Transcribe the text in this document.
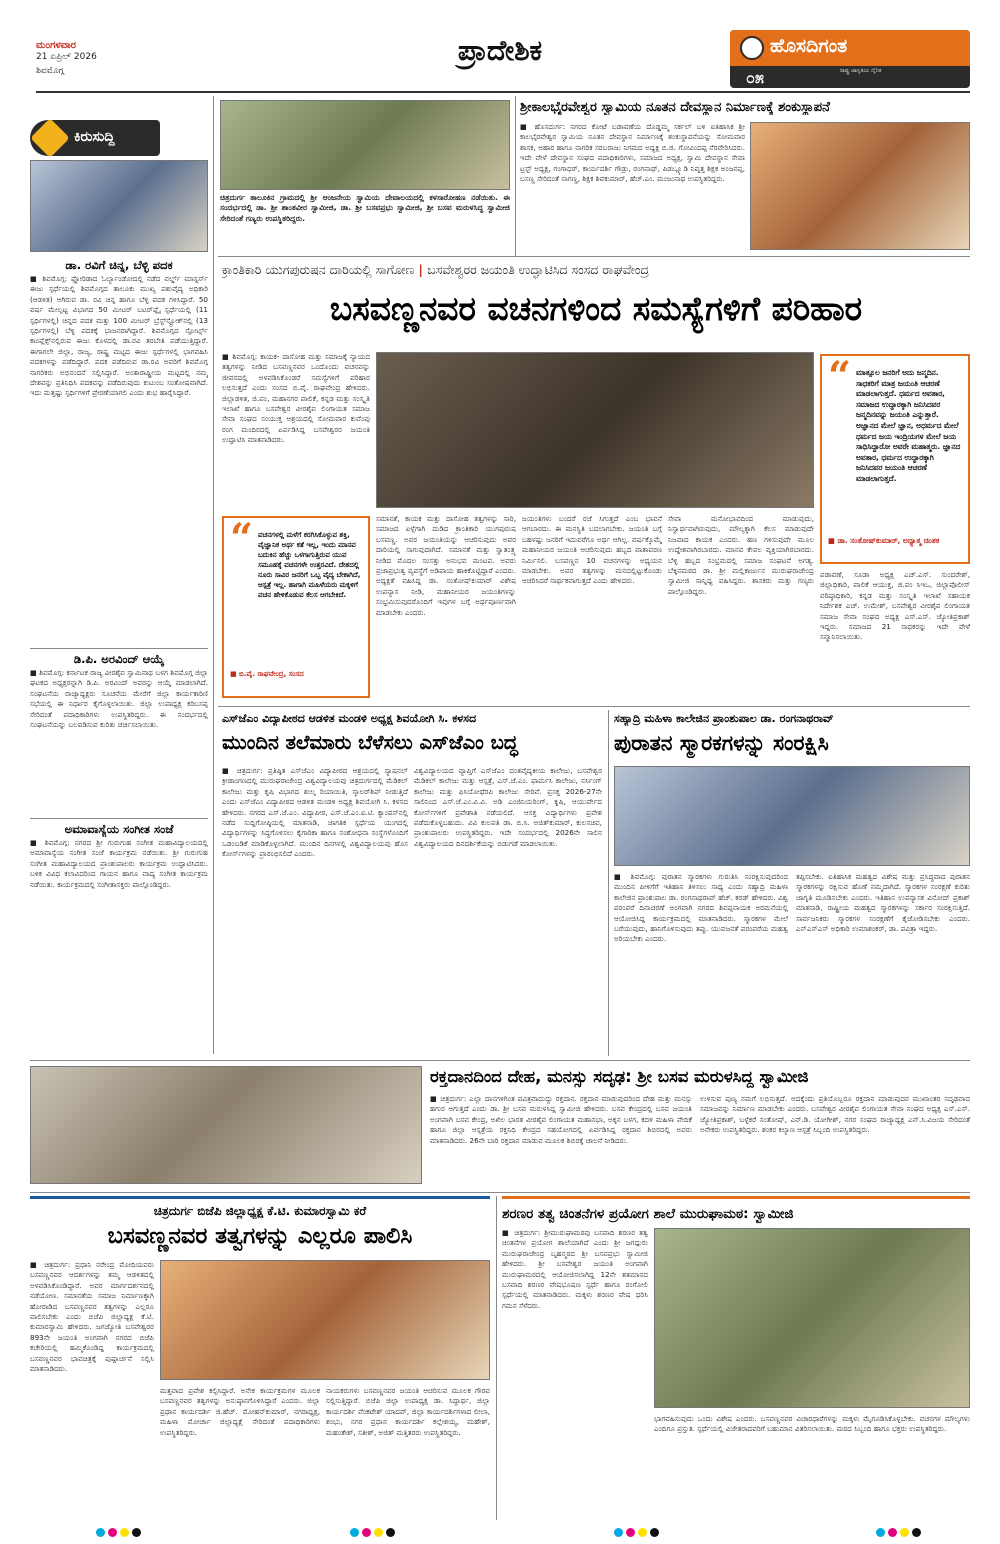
ಮಂಗಳವಾರ
21 ಏಪ್ರಿಲ್ 2026
ಶಿವಮೊಗ್ಗ
ಪ್ರಾದೇಶಿಕ	ಹೊಸದಿಗಂತ
ರಾಷ್ಟ್ರ ಜಾಗೃತಿಯ ದೈನಿಕ
೦೫
ಕಿರುಸುದ್ದಿ
ಡಾ. ರವಿಗೆ ಚಿನ್ನ, ಬೆಳ್ಳಿ ಪದಕ
■ ಶಿವಮೊಗ್ಗ: ಫ್ಲೋರಿಡಾದ ಓರ್ಲ್ಯಾಂಡೋದಲ್ಲಿ ನಡೆದ ವರ್ಲ್ಡ್ ಮಾಸ್ಟರ್ಸ್ ಈಜು ಸ್ಪರ್ಧೆಯಲ್ಲಿ ಶಿವಮೊಗ್ಗದ ತಾಲೂಕು ಮುಖ್ಯ ಪಶುವೈದ್ಯ ಅಧಿಕಾರಿ (ಆಡಳಿತ) ಆಗಿರುವ ಡಾ. ರವಿ ಚಿನ್ನ ಹಾಗೂ ಬೆಳ್ಳಿ ಪದಕ ಗಳಿಸಿದ್ದಾರೆ. 50 ವರ್ಷ ಮೇಲ್ಪಟ್ಟ ವಿಭಾಗದ 50 ಮೀಟರ್ ಬಟರ್‌ಫ್ಲೈ ಸ್ಪರ್ಧೆಯಲ್ಲಿ (11 ಸ್ಪರ್ಧಿಗಳಲ್ಲಿ) ಚಿನ್ನದ ಪದಕ ಮತ್ತು 100 ಮೀಟರ್ ಬ್ರೆಸ್ಟ್‌ಸ್ಟ್ರೋಕ್‌ನಲ್ಲಿ (13 ಸ್ಪರ್ಧಿಗಳಲ್ಲಿ) ಬೆಳ್ಳಿ ಪದಕಕ್ಕೆ ಭಾಜನರಾಗಿದ್ದಾರೆ. ಶಿವಮೊಗ್ಗದ ಸ್ಪೋರ್ಟ್ಸ್ ಕಾಂಪ್ಲೆಕ್ಸ್‌ನಲ್ಲಿರುವ ಈಜು ಕೊಳದಲ್ಲಿ ಡಾ.ರವಿ ತರಬೇತಿ ಪಡೆಯುತ್ತಿದ್ದಾರೆ. ಈಗಾಗಲೇ ಜಿಲ್ಲಾ, ರಾಜ್ಯ, ರಾಷ್ಟ್ರ ಮಟ್ಟದ ಈಜು ಸ್ಪರ್ಧೆಗಳಲ್ಲಿ ಭಾಗವಹಿಸಿ ಪದಕಗಳನ್ನು ಪಡೆದಿದ್ದಾರೆ. ಪದಕ ಪಡೆದಿರುವ ಡಾ.ರವಿ ಅವರಿಗೆ ಶಿವಮೊಗ್ಗ ನಾಗರಿಕರು ಅಭಿನಂದನೆ ಸಲ್ಲಿಸಿದ್ದಾರೆ. ಅಂತಾರಾಷ್ಟ್ರೀಯ ಮಟ್ಟದಲ್ಲಿ ನಮ್ಮ ದೇಶವನ್ನು ಪ್ರತಿನಿಧಿಸಿ ಪದಕವನ್ನು ಪಡೆದಿರುವುದು ಕುಟುಂಬ ಸಂತೋಷವಾಗಿದೆ. ಇದು ಮತ್ತಷ್ಟು ಸ್ಪರ್ಧಿಗಳಿಗೆ ಪ್ರೇರಣೆಯಾಗಲಿ ಎಂದು ಶುಭ ಹಾರೈಸಿದ್ದಾರೆ.
ಡಿ.ಪಿ. ಅರವಿಂದ್ ಆಯ್ಕೆ
■ ಶಿವಮೊಗ್ಗ: ಕರ್ನಾಟಕ ರಾಜ್ಯ ವೀರಶೈವ ಸ್ವಾಮಿನಾಥ ಬಳಗ ಶಿವಮೊಗ್ಗ ಜಿಲ್ಲಾ ಘಟಕದ ಅಧ್ಯಕ್ಷರನ್ನಾಗಿ ಡಿ.ಪಿ. ಅರವಿಂದ್ ಅವರನ್ನು ಆಯ್ಕೆ ಮಾಡಲಾಗಿದೆ. ಸಂಘಟನೆಯ ರಾಜ್ಯಾಧ್ಯಕ್ಷರು ಸೂಚನೆಯ ಮೇರೆಗೆ ಜಿಲ್ಲಾ ಕಾರ್ಯಕಾರಿಣಿ ಸಭೆಯಲ್ಲಿ ಈ ನಿರ್ಧಾರ ಕೈಗೊಳ್ಳಲಾಯಿತು. ಜಿಲ್ಲಾ ಉಪಾಧ್ಯಕ್ಷ ಕರಿಬಸಪ್ಪ ಸೇರಿದಂತೆ ಪದಾಧಿಕಾರಿಗಳು ಉಪಸ್ಥಿತರಿದ್ದರು. ಈ ಸಂದರ್ಭದಲ್ಲಿ ಸಂಘಟನೆಯನ್ನು ಬಲಪಡಿಸುವ ಕುರಿತು ಚರ್ಚಿಸಲಾಯಿತು.
ಅಮಾವಾಸ್ಯೆಯ ಸಂಗೀತ ಸಂಜೆ
■ ಶಿವಮೊಗ್ಗ: ನಗರದ ಶ್ರೀ ಗುರುಗುಹ ಸಂಗೀತ ಮಹಾವಿದ್ಯಾಲಯದಲ್ಲಿ ಅಮಾವಾಸ್ಯೆಯ ಸಂಗೀತ ಸಂಜೆ ಕಾರ್ಯಕ್ರಮ ನಡೆಯಿತು. ಶ್ರೀ ಗುರುಗುಹ ಸಂಗೀತ ಮಹಾವಿದ್ಯಾಲಯದ ಪ್ರಾಂಶುಪಾಲರು ಕಾರ್ಯಕ್ರಮ ಉದ್ಘಾಟಿಸಿದರು. ಬಳಿಕ ವಿವಿಧ ಕಲಾವಿದರಿಂದ ಗಾಯನ ಹಾಗೂ ವಾದ್ಯ ಸಂಗೀತ ಕಾರ್ಯಕ್ರಮ ನಡೆಯಿತು. ಕಾರ್ಯಕ್ರಮದಲ್ಲಿ ಸಂಗೀತಾಸಕ್ತರು ಪಾಲ್ಗೊಂಡಿದ್ದರು.
ಚಿತ್ರದುರ್ಗ ತಾಲೂಕಿನ ಗ್ರಾಮದಲ್ಲಿ ಶ್ರೀ ಆಂಜನೇಯ ಸ್ವಾಮಿಯ ದೇವಾಲಯದಲ್ಲಿ ಕಳಸಾರೋಹಣ ನಡೆಯಿತು. ಈ ಸಂದರ್ಭದಲ್ಲಿ ಡಾ. ಶ್ರೀ ಶಾಂತವೀರ ಸ್ವಾಮೀಜಿ, ಡಾ. ಶ್ರೀ ಬಸವಪ್ರಭು ಸ್ವಾಮೀಜಿ, ಶ್ರೀ ಬಸವ ಮರುಳಸಿದ್ಧ ಸ್ವಾಮೀಜಿ ಸೇರಿದಂತೆ ಗಣ್ಯರು ಉಪಸ್ಥಿತರಿದ್ದರು.
ಶ್ರೀಕಾಲಭೈರವೇಶ್ವರ ಸ್ವಾಮಿಯ ನೂತನ ದೇವಸ್ಥಾನ ನಿರ್ಮಾಣಕ್ಕೆ ಶಂಕುಸ್ಥಾಪನೆ
■ ಹೊಸದುರ್ಗ: ನಗರದ ಕೋಟೆ ಬಡಾವಣೆಯ ದೊಡ್ಡಮ್ಮ ಸರ್ಕಲ್ ಬಳಿ ಐತಿಹಾಸಿಕ ಶ್ರೀ ಕಾಲಭೈರವೇಶ್ವರ ಸ್ವಾಮಿಯ ನೂತನ ದೇವಸ್ಥಾನ ನಿರ್ಮಾಣಕ್ಕೆ ಶಂಕುಸ್ಥಾಪನೆಯನ್ನು ಸೋಮವಾರ ಶಾಸಕ, ಆಹಾರ ಹಾಗೂ ನಾಗರಿಕ ಸರಬರಾಜು ನಿಗಮದ ಅಧ್ಯಕ್ಷ ಬಿ.ಜಿ. ಗೋವಿಂದಪ್ಪ ನೆರವೇರಿಸಿದರು. ಇದೇ ವೇಳೆ ದೇವಸ್ಥಾನ ಸಂಘದ ಪದಾಧಿಕಾರಿಗಳು, ಸಮಾಜದ ಅಧ್ಯಕ್ಷ, ಸ್ವಾಮಿ ದೇವಸ್ಥಾನ ಸೇವಾ ಟ್ರಸ್ಟ್ ಅಧ್ಯಕ್ಷ, ಗಂಗಾಧರ್, ಕಾರ್ಯದರ್ಶಿ ಗೌಡ್ರು, ರಂಗನಾಥ್, ಪಿಡಬ್ಲ್ಯೂಡಿ ನಿವೃತ್ತ ಶಿಕ್ಷಕ ಅಂಜನಪ್ಪ, ಬಸಣ್ಣ ಸೇರಿದಂತೆ ನಾಗಣ್ಣ, ಶಿಕ್ಷಕ ಶಿವಕುಮಾರ್, ಹೆಚ್.ಎಂ. ಮಂಜುನಾಥ ಉಪಸ್ಥಿತರಿದ್ದರು.
ಕ್ರಾಂತಿಕಾರಿ ಯುಗಪುರುಷನ ದಾರಿಯಲ್ಲಿ ಸಾಗೋಣ | ಬಸವೇಶ್ವರರ ಜಯಂತಿ ಉದ್ಘಾಟಿಸಿದ ಸಂಸದ ರಾಘವೇಂದ್ರ
ಬಸವಣ್ಣನವರ ವಚನಗಳಿಂದ ಸಮಸ್ಯೆಗಳಿಗೆ ಪರಿಹಾರ
■ ಶಿವಮೊಗ್ಗ: ಕಾಯಕ- ದಾಸೋಹ ಮತ್ತು ಸಮಾಜಕ್ಕೆ ನ್ಯಾಯದ ತತ್ವಗಳನ್ನು ನೀಡಿದ ಬಸವಣ್ಣನವರ ಒಂದೊಂದು ವಚನವನ್ನು ಜೀವನದಲ್ಲಿ ಅಳವಡಿಸಿಕೊಂಡರೆ ಸಮಸ್ಯೆಗಳಿಗೆ ಪರಿಹಾರ ಲಭಿಸುತ್ತದೆ ಎಂದು ಸಂಸದ ಬಿ.ವೈ. ರಾಘವೇಂದ್ರ ಹೇಳಿದರು. ಜಿಲ್ಲಾಡಳಿತ, ಜಿ.ಪಂ, ಮಹಾನಗರ ಪಾಲಿಕೆ, ಕನ್ನಡ ಮತ್ತು ಸಂಸ್ಕೃತಿ ಇಲಾಖೆ ಹಾಗೂ ಬಸವೇಶ್ವರ ವೀರಶೈವ ಲಿಂಗಾಯತ ಸಮಾಜ ಸೇವಾ ಸಂಘದ ಸಂಯುಕ್ತ ಆಶ್ರಯದಲ್ಲಿ ಸೋಮವಾರ ಕುವೆಂಪು ರಂಗ ಮಂದಿರದಲ್ಲಿ ಏರ್ಪಡಿಸಿದ್ದ ಬಸವೇಶ್ವರರ ಜಯಂತಿ ಉದ್ಘಾಟಿಸಿ ಮಾತನಾಡಿದರು.
“ ಮಾತ್ಸೂಲ ಜನರಿಗೆ ಅದು ಜನ್ಮದಿನ. ಸಾಧಕರಿಗೆ ಮಾತ್ರ ಜಯಂತಿ ಆಚರಣೆ ಮಾಡಲಾಗುತ್ತದೆ. ಧರ್ಮದ ಅವತಾರ, ಸಮಾಜದ ಉದ್ಧಾರಕ್ಕಾಗಿ ಜನಿಸಿದವರ ಜನ್ಮದಿನವನ್ನು ಜಯಂತಿ ಎನ್ನುತ್ತಾರೆ. ಅಜ್ಞಾನದ ಮೇಲೆ ಜ್ಞಾನ, ಅಧರ್ಮದ ಮೇಲೆ ಧರ್ಮದ ಜಯ ಇಂದ್ರಿಯಗಳ ಮೇಲೆ ಜಯ ಸಾಧಿಸಿದ್ದಾರೋ ಅವರೇ ಮಹಾತ್ಮರು. ಜ್ಞಾನದ ಅವತಾರ, ಧರ್ಮದ ಉದ್ಧಾರಕ್ಕಾಗಿ ಜನಿಸಿದವರ ಜಯಂತಿ ಆಚರಣೆ ಮಾಡಲಾಗುತ್ತದೆ.
■ ಡಾ. ಸಂತೋಷ್‌ಕುಮಾರ್, ಅಧ್ಯಾತ್ಮ ಚಿಂತಕ
“ ವಚನಗಳಲ್ಲಿ ಮಳೆಗೆ ಕರಗಿಸಿಕೊಳ್ಳುವ ಶಕ್ತಿ, ವೈಜ್ಞಾನಿಕ ಅರ್ಥ ಕತೆ ಇಲ್ಲ, ಇಂದು ಮಾನವ ಬದುಕಿನ ಹೆಚ್ಚು ಒಳಗಾಗುತ್ತಿರುವ ಯುವ ಸಮೂಹಕ್ಕೆ ವಚನಗಳೇ ಉತ್ತರವಿದೆ. ದೇಶದಲ್ಲಿ ನೂರು ಸಾವಿರ ಜನರಿಗೆ ಒಬ್ಬ ವೈದ್ಯ ಬೇಕಾಗಿದೆ, ಆಸ್ಪತ್ರೆ ಇಲ್ಲ. ಹಾಗಾಗಿ ಮಹಿಳೆಯರು ಮಕ್ಕಳಿಗೆ ವಚನ ಹೇಳಿಕೊಡುವ ಕೆಲಸ ಆಗಬೇಕಿದೆ.
■ ಬಿ.ವೈ. ರಾಘವೇಂದ್ರ, ಸಂಸದ
ಸಮಾನತೆ, ಕಾಯಕ ಮತ್ತು ದಾಸೋಹ ತತ್ವಗಳನ್ನು ಸಾರಿ, ಸಮಾಜದ ಏಳ್ಗೆಗಾಗಿ ದುಡಿದ ಕ್ರಾಂತಿಕಾರಿ ಯುಗಪುರುಷ ಬಸವಣ್ಣ. ಅವರ ಜಯಂತಿಯನ್ನು ಆಚರಿಸುವುದು ಅವರ ದಾರಿಯಲ್ಲಿ ಸಾಗುವುದಾಗಿದೆ. ಸಮಾನತೆ ಮತ್ತು ಸ್ವಾತಂತ್ರ್ಯ ನೀಡಿದ ಮೊದಲ ಸಂಸತ್ತು ಅನುಭವ ಮಂಟಪ. ಅವರು ಪ್ರಜಾಪ್ರಭುತ್ವ ವ್ಯವಸ್ಥೆಗೆ ಅಡಿಪಾಯ ಹಾಕಿಕೊಟ್ಟಿದ್ದಾರೆ ಎಂದರು. ಅಧ್ಯಕ್ಷತೆ ವಹಿಸಿದ್ದ ಡಾ. ಸಂತೋಷ್‌ಕುಮಾರ್ ವಿಶೇಷ ಉಪನ್ಯಾಸ ನೀಡಿ, ಮಹಾನೀಯರ ಜಯಂತಿಗಳನ್ನು ಸಂಭ್ರಮಿಸುವುದರೊಂದಿಗೆ ಇವುಗಳ ಬಗ್ಗೆ ಅರ್ಥಪೂರ್ಣವಾಗಿ ಮಾಡಬೇಕು ಎಂದರು.
ಜಯಂತಿಗಳು ಬಂದರೆ ರಜೆ ಸಿಗುತ್ತದೆ ಎಂಬ ಭಾವನೆ ಆಗಬಾರದು. ಈ ಮನಸ್ಥಿತಿ ಬದಲಾಗಬೇಕು. ಜಯಂತಿ ಬಗ್ಗೆ ಬಹಳಷ್ಟು ಜನರಿಗೆ ಇದುವರೆಗೂ ಅರ್ಥ ಆಗಿಲ್ಲ. ವರ್ಷಕ್ಕೊಮ್ಮೆ ಮಹಾನೀಯರ ಜಯಂತಿ ಆಚರಿಸುವುದು ಹಬ್ಬದ ವಾತಾವರಣ ನಿರ್ಮಿಸಲಿ. ಬಸವಣ್ಣನ 10 ವಚನಗಳನ್ನು ಅಧ್ಯಯನ ಮಾಡಬೇಕು. ಅವರ ತತ್ವಗಳನ್ನು ಮನದಲ್ಲಿಟ್ಟುಕೊಂಡು ಆಚರಿಸಿದರೆ ಸಾರ್ಥಕವಾಗುತ್ತದೆ ಎಂದು ಹೇಳಿದರು.
ಸೇವಾ ಮನೋಭಾವದಿಂದ ಮಾಡುವುದು, ನಿಸ್ವಾರ್ಥವಾಗಿರುವುದು, ಮೌಲ್ಯಕ್ಕಾಗಿ ಕೆಲಸ ಮಾಡುವುದೇ ನಿಜವಾದ ಕಾಯಕ ಎಂದರು. ಹಣ ಗಳಿಸುವುದೇ ಮೂಲ ಉದ್ದೇಶವಾಗಿರಬಾರದು. ಮಾನವ ಕೇವಲ ವ್ಯಕ್ತಿಯಾಗಿರಬಾರದು. ಬೆಳ್ಳಿ ಹಬ್ಬದ ಸಂಭ್ರಮದಲ್ಲಿ ಸಮಾಜ ಸಂಘಟನೆ ಅಗತ್ಯ. ಬೆಕ್ಕಿನಮಠದ ಡಾ. ಶ್ರೀ ಮಲ್ಲಿಕಾರ್ಜುನ ಮುರುಘರಾಜೇಂದ್ರ ಸ್ವಾಮೀಜಿ ಸಾನ್ನಿಧ್ಯ ವಹಿಸಿದ್ದರು. ಶಾಸಕರು ಮತ್ತು ಗಣ್ಯರು ಪಾಲ್ಗೊಂಡಿದ್ದರು.
ಪಡಾವಣೆ, ಸೂಡಾ ಅಧ್ಯಕ್ಷ ಎಚ್.ಎಸ್. ಸುಂದರೇಶ್, ಜಿಲ್ಲಾಧಿಕಾರಿ, ಪಾಲಿಕೆ ಆಯುಕ್ತ, ಜಿ.ಪಂ ಸಿಇಒ, ಜಿಲ್ಲಾಪೊಲೀಸ್ ವರಿಷ್ಠಾಧಿಕಾರಿ, ಕನ್ನಡ ಮತ್ತು ಸಂಸ್ಕೃತಿ ಇಲಾಖೆ ಸಹಾಯಕ ನಿರ್ದೇಶಕ ಎಚ್. ಉಮೇಶ್, ಬಸವೇಶ್ವರ ವೀರಶೈವ ಲಿಂಗಾಯತ ಸಮಾಜ ಸೇವಾ ಸಂಘದ ಅಧ್ಯಕ್ಷ ಎಸ್.ಎಸ್. ಜ್ಯೋತಿಪ್ರಕಾಶ್ ಇದ್ದರು. ಸಮಾಜದ 21 ಸಾಧಕರನ್ನು ಇದೇ ವೇಳೆ ಸನ್ಮಾನಿಸಲಾಯಿತು.
ಎಸ್‌ಜೆಎಂ ವಿದ್ಯಾಪೀಠದ ಆಡಳಿತ ಮಂಡಳಿ ಅಧ್ಯಕ್ಷ ಶಿವಯೋಗಿ ಸಿ. ಕಳಸದ
ಮುಂದಿನ ತಲೆಮಾರು ಬೆಳೆಸಲು ಎಸ್‌ಜೆಎಂ ಬದ್ಧ
■ ಚಿತ್ರದುರ್ಗ: ಪ್ರತಿಷ್ಠಿತ ಎಸ್‌ಜೆಎಂ ವಿದ್ಯಾಪೀಠದ ಆಶ್ರಯದಲ್ಲಿ ನ್ಯಾಷನಲ್ ಕ್ರೀಡಾಂಗಣದಲ್ಲಿ ಮುರುಘರಾಜೇಂದ್ರ ವಿಶ್ವವಿದ್ಯಾಲಯವು ಚಿತ್ರದುರ್ಗದಲ್ಲಿ ಮೆಡಿಕಲ್ ಕಾಲೇಜು ಮತ್ತು ಕೃಷಿ ವಿಭಾಗದ ಶುಲ್ಕ ರಿಯಾಯಿತಿ, ಸ್ಕಾಲರ್‌ಶಿಪ್ ನೀಡುತ್ತಿದೆ ಎಂದು ಎಸ್‌ಜೆಎಂ ವಿದ್ಯಾಪೀಠದ ಆಡಳಿತ ಮಂಡಳಿ ಅಧ್ಯಕ್ಷ ಶಿವಯೋಗಿ ಸಿ. ಕಳಸದ ಹೇಳಿದರು. ನಗರದ ಎಸ್.ಜೆ.ಎಂ. ವಿದ್ಯಾಪೀಠ, ಎಸ್.ಜೆ.ಎಂ.ಐ.ಟಿ. ಕ್ಯಾಂಪಸ್‌ನಲ್ಲಿ ನಡೆದ ಸುದ್ದಿಗೋಷ್ಠಿಯಲ್ಲಿ ಮಾತನಾಡಿ, ಜಾಗತಿಕ ಸ್ಪರ್ಧೆಯ ಯುಗದಲ್ಲಿ ವಿದ್ಯಾರ್ಥಿಗಳನ್ನು ಸಿದ್ಧಗೊಳಿಸಲು ಕೈಗಾರಿಕಾ ಹಾಗೂ ಸಂಶೋಧನಾ ಸಂಸ್ಥೆಗಳೊಂದಿಗೆ ಒಡಂಬಡಿಕೆ ಮಾಡಿಕೊಳ್ಳಲಾಗಿದೆ. ಮುಂದಿನ ದಿನಗಳಲ್ಲಿ ವಿಶ್ವವಿದ್ಯಾಲಯವು ಹೊಸ ಕೋರ್ಸ್‌ಗಳನ್ನು ಪ್ರಾರಂಭಿಸಲಿದೆ ಎಂದರು.
ವಿಶ್ವವಿದ್ಯಾಲಯದ ವ್ಯಾಪ್ತಿಗೆ ಎಸ್‌ಜೆಎಂ ದಂತವೈದ್ಯಕೀಯ ಕಾಲೇಜು, ಬಸವೇಶ್ವರ ಮೆಡಿಕಲ್ ಕಾಲೇಜು ಮತ್ತು ಆಸ್ಪತ್ರೆ, ಎಸ್.ಜೆ.ಎಂ. ಫಾರ್ಮಸಿ ಕಾಲೇಜು, ನರ್ಸಿಂಗ್ ಕಾಲೇಜು ಮತ್ತು ಫಿಸಿಯೋಥೆರಪಿ ಕಾಲೇಜು ಸೇರಿವೆ. ಪ್ರಸಕ್ತ 2026-27ನೇ ಸಾಲಿನಿಂದ ಎಸ್.ಜೆ.ಎಂ.ವಿ.ವಿ. ಅಡಿ ಎಂಜಿನಿಯರಿಂಗ್, ಕೃಷಿ, ಆಯುರ್ವೇದ ಕೋರ್ಸ್‌ಗಳಿಗೆ ಪ್ರವೇಶಾತಿ ನಡೆಯಲಿದೆ. ಆಸಕ್ತ ವಿದ್ಯಾರ್ಥಿಗಳು ಪ್ರವೇಶ ಪಡೆದುಕೊಳ್ಳಬಹುದು. ವಿವಿ ಕುಲಪತಿ ಡಾ. ಬಿ.ಸಿ. ಅಜಿತ್‌ಕುಮಾರ್, ಕುಲಸಚಿವ, ಪ್ರಾಂಶುಪಾಲರು ಉಪಸ್ಥಿತರಿದ್ದರು. ಇದೇ ಸಂದರ್ಭದಲ್ಲಿ 2026ನೇ ಸಾಲಿನ ವಿಶ್ವವಿದ್ಯಾಲಯದ ದಿನದರ್ಶಿಕೆಯನ್ನು ಬಿಡುಗಡೆ ಮಾಡಲಾಯಿತು.
ಸಹ್ಯಾದ್ರಿ ಮಹಿಳಾ ಕಾಲೇಜಿನ ಪ್ರಾಂಶುಪಾಲ ಡಾ. ರಂಗನಾಥರಾವ್
ಪುರಾತನ ಸ್ಮಾರಕಗಳನ್ನು ಸಂರಕ್ಷಿಸಿ
■ ಶಿವಮೊಗ್ಗ: ಪುರಾತನ ಸ್ಮಾರಕಗಳು ಗುರುತಿಸಿ ಸಂರಕ್ಷಿಸುವುದರಿಂದ ಮುಂದಿನ ಪೀಳಿಗೆಗೆ ಇತಿಹಾಸ ತಿಳಿಸಲು ಸಾಧ್ಯ ಎಂದು ಸಹ್ಯಾದ್ರಿ ಮಹಿಳಾ ಕಾಲೇಜಿನ ಪ್ರಾಂಶುಪಾಲ ಡಾ. ರಂಗನಾಥರಾವ್ ಹೆಚ್. ಕರಡ್ ಹೇಳಿದರು. ವಿಶ್ವ ಪರಂಪರೆ ದಿನಾಚರಣೆ ಅಂಗವಾಗಿ ನಗರದ ಶಿವಪ್ಪನಾಯಕ ಅರಮನೆಯಲ್ಲಿ ಆಯೋಜಿಸಿದ್ದ ಕಾರ್ಯಕ್ರಮದಲ್ಲಿ ಮಾತನಾಡಿದರು. ಸ್ಮಾರಕಗಳ ಮೇಲೆ ಬರೆಯುವುದು, ಹಾನಿಗೊಳಿಸುವುದು ತಪ್ಪು. ಯುವಜನತೆ ಪರಂಪರೆಯ ಮಹತ್ವ ಅರಿಯಬೇಕು ಎಂದರು.
ತಪ್ಪಿಸಬೇಕು. ಐತಿಹಾಸಿಕ ಮಹತ್ವದ ವಿಶೇಷ ಮತ್ತು ಪ್ರಸಿದ್ಧವಾದ ಪುರಾತನ ಸ್ಮಾರಕಗಳನ್ನು ರಕ್ಷಿಸುವ ಹೊಣೆ ನಮ್ಮದಾಗಿದೆ. ಸ್ಮಾರಕಗಳ ಸಂರಕ್ಷಣೆ ಕುರಿತು ಜಾಗೃತಿ ಮೂಡಿಸಬೇಕು ಎಂದರು. ಇತಿಹಾಸ ಉಪನ್ಯಾಸಕ ವಿನೋದ್ ಪ್ರಕಾಶ್ ಮಾತನಾಡಿ, ರಾಷ್ಟ್ರೀಯ ಮಹತ್ವದ ಸ್ಮಾರಕಗಳನ್ನು ಸರ್ಕಾರ ಸಂರಕ್ಷಿಸುತ್ತಿದೆ. ಸಾರ್ವಜನಿಕರು ಸ್ಮಾರಕಗಳ ಸಂರಕ್ಷಣೆಗೆ ಕೈಜೋಡಿಸಬೇಕು ಎಂದರು. ಎನ್ಎಸ್ಎಸ್ ಅಧಿಕಾರಿ ಉಮಾಶಂಕರ್, ಡಾ. ಪವಿತ್ರಾ ಇದ್ದರು.
ರಕ್ತದಾನದಿಂದ ದೇಹ, ಮನಸ್ಸು ಸದೃಢ: ಶ್ರೀ ಬಸವ ಮರುಳಸಿದ್ದ ಸ್ವಾಮೀಜಿ
■ ಚಿತ್ರದುರ್ಗ: ಎಲ್ಲಾ ದಾನಗಳಿಗಿಂತ ಪವಿತ್ರವಾದುದ್ದು ರಕ್ತದಾನ. ರಕ್ತದಾನ ಮಾಡುವುದರಿಂದ ದೇಹ ಮತ್ತು ಮನಸ್ಸು ಹಗುರ ಆಗುತ್ತದೆ ಎಂದು ಡಾ. ಶ್ರೀ ಬಸವ ಮರುಳಸಿದ್ದ ಸ್ವಾಮೀಜಿ ಹೇಳಿದರು. ಬಸವ ಕೇಂದ್ರದಲ್ಲಿ ಬಸವ ಜಯಂತಿ ಅಂಗವಾಗಿ ಬಸವ ಕೇಂದ್ರ, ಅಖಿಲ ಭಾರತ ವೀರಶೈವ ಲಿಂಗಾಯತ ಮಹಾಸಭಾ, ಅಕ್ಕನ ಬಳಗ, ಕದಳಿ ಮಹಿಳಾ ವೇದಿಕೆ ಹಾಗೂ ಜಿಲ್ಲಾ ಆಸ್ಪತ್ರೆಯ ರಕ್ತನಿಧಿ ಕೇಂದ್ರದ ಸಹಯೋಗದಲ್ಲಿ ಏರ್ಪಡಿಸಿದ್ದ ರಕ್ತದಾನ ಶಿಬಿರದಲ್ಲಿ ಅವರು ಮಾತನಾಡಿದರು. 26ನೇ ಬಾರಿ ರಕ್ತದಾನ ಮಾಡುವ ಮೂಲಕ ಶಿಬಿರಕ್ಕೆ ಚಾಲನೆ ನೀಡಿದರು.
ಉಳಿಸುವ ಪುಣ್ಯ ನಮಗೆ ಲಭಿಸುತ್ತದೆ. ಅದಕ್ಕೆಂದು ಪ್ರತಿಯೊಬ್ಬರೂ ರಕ್ತದಾನ ಮಾಡುವುದರ ಮುಖಾಂತರ ಸದೃಢವಾದ ಸಮಾಜವನ್ನು ನಿರ್ಮಾಣ ಮಾಡಬೇಕು ಎಂದರು. ಬಸವೇಶ್ವರ ವೀರಶೈವ ಲಿಂಗಾಯತ ಸೇವಾ ಸಂಘದ ಅಧ್ಯಕ್ಷ ಎಸ್.ಎಸ್. ಜ್ಯೋತಿಪ್ರಕಾಶ್, ಬಳ್ಳೆಕರೆ ಸಂತೋಷ್, ಎನ್.ಡಿ. ಯೋಗೀಶ್, ನಗರ ಸಂಘದ ರಾಜ್ಯಾಧ್ಯಕ್ಷ ಎನ್.ಸಿ.ವಿಜಯ ಸೇರಿದಂತೆ ಅನೇಕರು ಉಪಸ್ಥಿತರಿದ್ದರು. ಶಂಕರ ಕಲ್ಯಾಣ ಆಸ್ಪತ್ರೆ ಸಿಬ್ಬಂದಿ ಉಪಸ್ಥಿತರಿದ್ದರು.
ಚಿತ್ರದುರ್ಗ ಬಿಜೆಪಿ ಜಿಲ್ಲಾಧ್ಯಕ್ಷ ಕೆ.ಟಿ. ಕುಮಾರಸ್ವಾಮಿ ಕರೆ
ಬಸವಣ್ಣನವರ ತತ್ವಗಳನ್ನು ಎಲ್ಲರೂ ಪಾಲಿಸಿ
■ ಚಿತ್ರದುರ್ಗ: ಪ್ರಧಾನಿ ನರೇಂದ್ರ ಮೋದಿಯವರು ಬಸವಣ್ಣನವರ ಆದರ್ಶಗಳನ್ನು ತಮ್ಮ ಆಡಳಿತದಲ್ಲಿ ಅಳವಡಿಸಿಕೊಂಡಿದ್ದಾರೆ. ಅವರ ಮಾರ್ಗದರ್ಶನದಲ್ಲಿ ನಡೆಯೋಣ. ಸಮಾನತೆಯ ಸಮಾಜ ನಿರ್ಮಾಣಕ್ಕಾಗಿ ಹೋರಾಡಿದ ಬಸವಣ್ಣನವರ ತತ್ವಗಳನ್ನು ಎಲ್ಲರೂ ಪಾಲಿಸಬೇಕು ಎಂದು ಬಿಜೆಪಿ ಜಿಲ್ಲಾಧ್ಯಕ್ಷ ಕೆ.ಟಿ. ಕುಮಾರಸ್ವಾಮಿ ಹೇಳಿದರು. ಜಗಜ್ಯೋತಿ ಬಸವೇಶ್ವರರ 893ನೇ ಜಯಂತಿ ಅಂಗವಾಗಿ ನಗರದ ಬಿಜೆಪಿ ಕಚೇರಿಯಲ್ಲಿ ಹಮ್ಮಿಕೊಂಡಿದ್ದ ಕಾರ್ಯಕ್ರಮದಲ್ಲಿ ಬಸವಣ್ಣನವರ ಭಾವಚಿತ್ರಕ್ಕೆ ಪುಷ್ಪಾರ್ಚನೆ ಸಲ್ಲಿಸಿ ಮಾತನಾಡಿದರು.
ಮತ್ತವಾದ ಪ್ರವೇಶ ಕಲ್ಪಿಸಿದ್ದಾರೆ. ಅನೇಕ ಕಾರ್ಯಕ್ರಮಗಳ ಮೂಲಕ ಬಸವಣ್ಣನವರ ತತ್ವಗಳನ್ನು ಅನುಷ್ಠಾನಗೊಳಿಸಿದ್ದಾರೆ ಎಂದರು. ಜಿಲ್ಲಾ ಪ್ರಧಾನ ಕಾರ್ಯದರ್ಶಿ ಜಿ.ಹೆಚ್. ಮೋಹನ್‌ಕುಮಾರ್, ನಗರಾಧ್ಯಕ್ಷ, ಮಹಿಳಾ ಮೋರ್ಚಾ ಜಿಲ್ಲಾಧ್ಯಕ್ಷೆ ಸೇರಿದಂತೆ ಪದಾಧಿಕಾರಿಗಳು ಉಪಸ್ಥಿತರಿದ್ದರು.
ನಾಯಕರುಗಳು ಬಸವಣ್ಣನವರ ಜಯಂತಿ ಆಚರಿಸುವ ಮೂಲಕ ಗೌರವ ಸಲ್ಲಿಸುತ್ತಿದ್ದಾರೆ. ಬಿಜೆಪಿ ಜಿಲ್ಲಾ ಉಪಾಧ್ಯಕ್ಷ ಡಾ. ಸಿದ್ದಾರ್ಥ, ಜಿಲ್ಲಾ ಕಾರ್ಯದರ್ಶಿ ವೆಂಕಟೇಶ್ ಯಾದವ್, ಜಿಲ್ಲಾ ಕಾರ್ಯದರ್ಶಿಗಳಾದ ಲೀಲಾ, ಶಂಭು, ನಗರ ಪ್ರಧಾನ ಕಾರ್ಯದರ್ಶಿ ಕಲ್ಲೇಶಯ್ಯ, ಮಹೇಶ್, ಮಹಂತೇಶ್, ಸತೀಶ್, ಅಜಿತ್ ಮತ್ತಿತರರು ಉಪಸ್ಥಿತರಿದ್ದರು.
ಶರಣರ ತತ್ವ ಚಿಂತನೆಗಳ ಪ್ರಯೋಗ ಶಾಲೆ ಮುರುಘಾಮಠ: ಸ್ವಾಮೀಜಿ
■ ಚಿತ್ರದುರ್ಗ: ಶ್ರೀಮುರುಘಾಮಠವು ಬಸವಾದಿ ಶರಣರ ತತ್ವ ಚಿಂತನೆಗಳ ಪ್ರಯೋಗ ಶಾಲೆಯಾಗಿದೆ ಎಂದು ಶ್ರೀ ಜಗದ್ಗುರು ಮುರುಘರಾಜೇಂದ್ರ ಬೃಹನ್ಮಠದ ಶ್ರೀ ಬಸವಪ್ರಭು ಸ್ವಾಮೀಜಿ ಹೇಳಿದರು. ಶ್ರೀ ಬಸವೇಶ್ವರ ಜಯಂತಿ ಅಂಗವಾಗಿ ಮುರುಘಾಮಠದಲ್ಲಿ ಆಯೋಜಿಸಲಾಗಿದ್ದ 12ನೇ ಶತಮಾನದ ಬಸವಾದಿ ಶರಣರ ವೇಷಭೂಷಣ ಸ್ಪರ್ಧೆ ಹಾಗೂ ರಂಗೋಲಿ ಸ್ಪರ್ಧೆಯಲ್ಲಿ ಮಾತನಾಡಿದರು. ಮಕ್ಕಳು ಶರಣರ ವೇಷ ಧರಿಸಿ ಗಮನ ಸೆಳೆದರು.
ಭಾಗವಹಿಸುವುದು ಒಂದು ವಿಶೇಷ ಎಂದರು. ಬಸವಣ್ಣನವರ ವಿಚಾರಧಾರೆಗಳನ್ನು ಮಕ್ಕಳು ಮೈಗೂಡಿಸಿಕೊಳ್ಳಬೇಕು. ವಚನಗಳ ಮೌಲ್ಯಗಳು ಎಂದಿಗೂ ಪ್ರಸ್ತುತ. ಸ್ಪರ್ಧೆಯಲ್ಲಿ ವಿಜೇತರಾದವರಿಗೆ ಬಹುಮಾನ ವಿತರಿಸಲಾಯಿತು. ಮಠದ ಸಿಬ್ಬಂದಿ ಹಾಗೂ ಭಕ್ತರು ಉಪಸ್ಥಿತರಿದ್ದರು.
